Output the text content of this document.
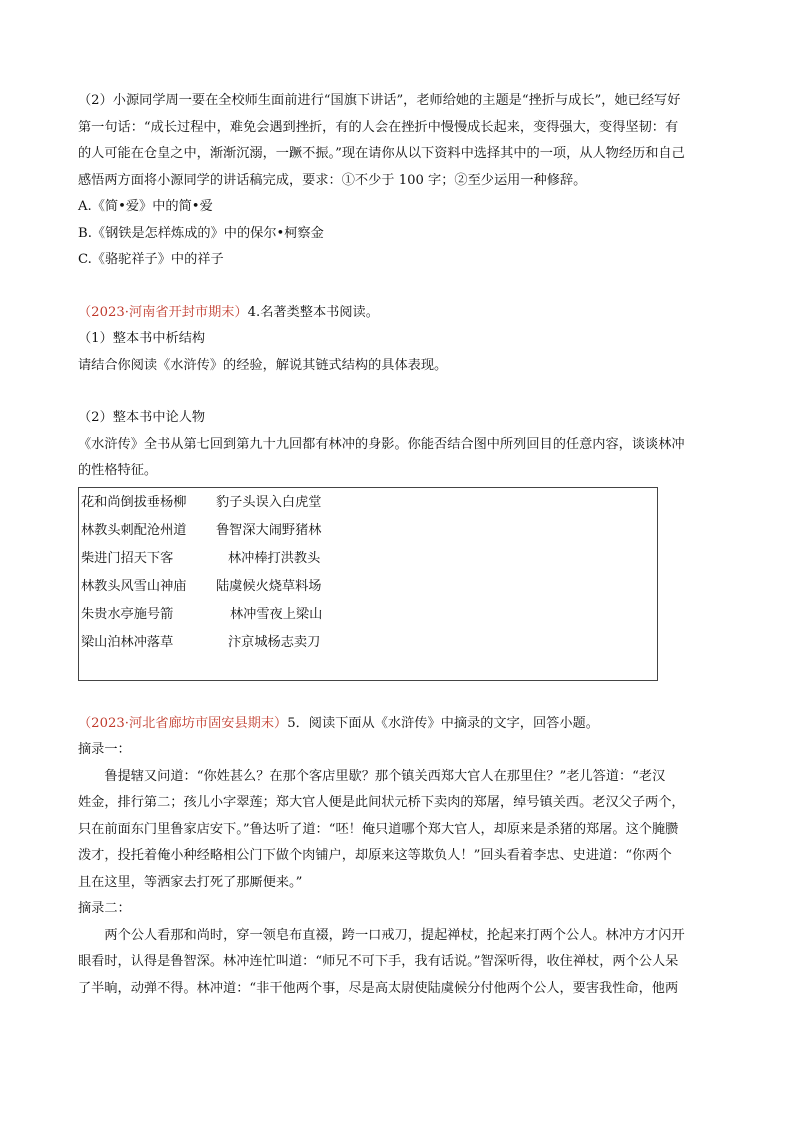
（2）小源同学周一要在全校师生面前进行“国旗下讲话”，老师给她的主题是“挫折与成长”，她已经写好

第一句话：“成长过程中，难免会遇到挫折，有的人会在挫折中慢慢成长起来，变得强大，变得坚韧：有

的人可能在仓皇之中，渐渐沉溺，一蹶不振。”现在请你从以下资料中选择其中的一项，从人物经历和自己

感悟两方面将小源同学的讲话稿完成，要求：①不少于 100 字；②至少运用一种修辞。

A.《简•爱》中的简•爱

B.《钢铁是怎样炼成的》中的保尔•柯察金

C.《骆驼祥子》中的祥子

（2023·河南省开封市期末）4.名著类整本书阅读。

（1）整本书中析结构

请结合你阅读《水浒传》的经验，解说其链式结构的具体表现。

（2）整本书中论人物

《水浒传》全书从第七回到第九十九回都有林冲的身影。你能否结合图中所列回目的任意内容，谈谈林冲

的性格特征。

花和尚倒拔垂杨柳	豹子头误入白虎堂
林教头刺配沧州道	鲁智深大闹野猪林
柴进门招天下客	林冲棒打洪教头
林教头风雪山神庙	陆虞候火烧草料场
朱贵水亭施号箭	林冲雪夜上梁山
梁山泊林冲落草	汴京城杨志卖刀

（2023·河北省廊坊市固安县期末）5．阅读下面从《水浒传》中摘录的文字，回答小题。

摘录一：

鲁提辖又问道：“你姓甚么？在那个客店里歇？那个镇关西郑大官人在那里住？”老儿答道：“老汉

姓金，排行第二；孩儿小字翠莲；郑大官人便是此间状元桥下卖肉的郑屠，绰号镇关西。老汉父子两个，

只在前面东门里鲁家店安下。”鲁达听了道：“呸！俺只道哪个郑大官人，却原来是杀猪的郑屠。这个腌臜

泼才，投托着俺小种经略相公门下做个肉铺户，却原来这等欺负人！”回头看着李忠、史进道：“你两个

且在这里，等洒家去打死了那厮便来。”

摘录二：

两个公人看那和尚时，穿一领皂布直裰，跨一口戒刀，提起禅杖，抡起来打两个公人。林冲方才闪开

眼看时，认得是鲁智深。林冲连忙叫道：“师兄不可下手，我有话说。”智深听得，收住禅杖，两个公人呆

了半晌，动弹不得。林冲道：“非干他两个事，尽是高太尉使陆虞候分付他两个公人，要害我性命，他两
